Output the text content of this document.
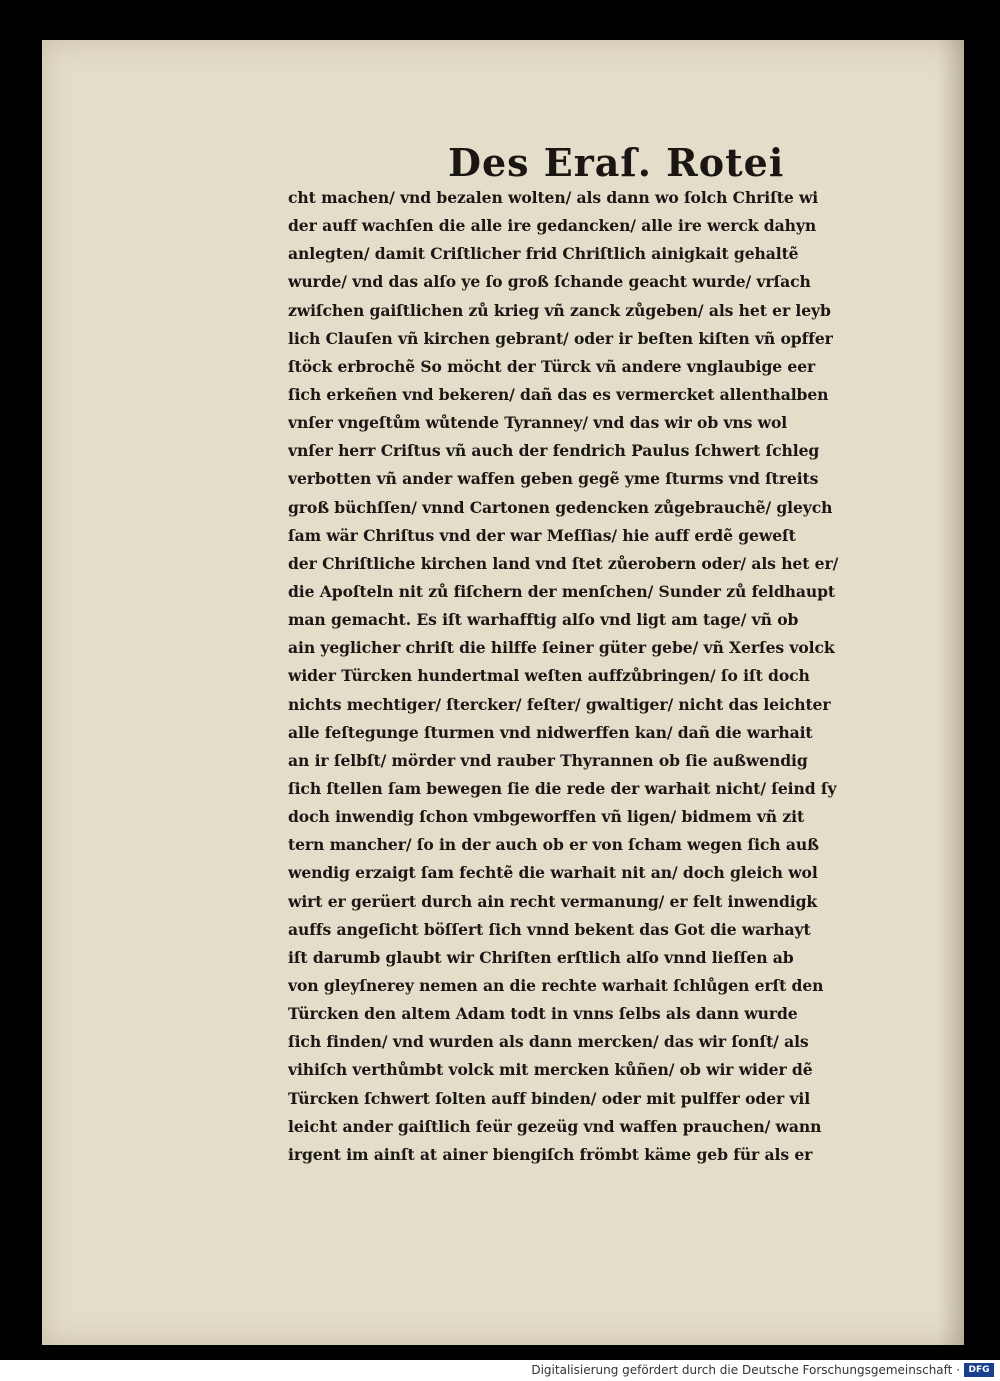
Des Eraſ. Rotei
cht machen/ vnd bezalen wolten/ als dann wo ſolch Chriſte wi
der auff wachſen die alle ire gedancken/ alle ire werck dahyn
anlegten/ damit Criſtlicher frid Chriſtlich ainigkait gehaltẽ
wurde/ vnd das alſo ye ſo groß ſchande geacht wurde/ vrſach
zwiſchen gaiſtlichen zů krieg vñ zanck zůgeben/ als het er leyb
lich Clauſen vñ kirchen gebrant/ oder ir beſten kiſten vñ opffer
ſtöck erbrochẽ So möcht der Türck vñ andere vnglaubige eer
ſich erkeñen vnd bekeren/ dañ das es vermercket allenthalben
vnſer vngeſtům wůtende Tyranney/ vnd das wir ob vns wol
vnſer herr Criſtus vñ auch der fendrich Paulus ſchwert ſchleg
verbotten vñ ander waffen geben gegẽ yme ſturms vnd ſtreits
groß büchſſen/ vnnd Cartonen gedencken zůgebrauchẽ/ gleych
ſam wär Chriſtus vnd der war Meſſias/ hie auff erdẽ geweſt
der Chriſtliche kirchen land vnd ſtet zůerobern oder/ als het er/
die Apoſteln nit zů fiſchern der menſchen/ Sunder zů feldhaupt
man gemacht. Es iſt warhafftig alſo vnd ligt am tage/ vñ ob
ain yeglicher chriſt die hilffe ſeiner güter gebe/ vñ Xerſes volck
wider Türcken hundertmal weſten auffzůbringen/ ſo iſt doch
nichts mechtiger/ ſtercker/ feſter/ gwaltiger/ nicht das leichter
alle feſtegunge ſturmen vnd nidwerffen kan/ dañ die warhait
an ir ſelbſt/ mörder vnd rauber Thyrannen ob ſie außwendig
ſich ſtellen ſam bewegen ſie die rede der warhait nicht/ ſeind ſy
doch inwendig ſchon vmbgeworffen vñ ligen/ bidmem vñ zit
tern mancher/ ſo in der auch ob er von ſcham wegen ſich auß
wendig erzaigt ſam fechtẽ die warhait nit an/ doch gleich wol
wirt er gerüert durch ain recht vermanung/ er felt inwendigk
auffs angeſicht böſſert ſich vnnd bekent das Got die warhayt
iſt darumb glaubt wir Chriſten erſtlich alſo vnnd lieſſen ab
von gleyſnerey nemen an die rechte warhait ſchlůgen erſt den
Türcken den altem Adam todt in vnns ſelbs als dann wurde
ſich finden/ vnd wurden als dann mercken/ das wir ſonſt/ als
vihiſch verthůmbt volck mit mercken kůñen/ ob wir wider dẽ
Türcken ſchwert ſolten auff binden/ oder mit pulffer oder vil
leicht ander gaiſtlich feür gezeüg vnd waffen prauchen/ wann
irgent im ainſt at ainer biengiſch frömbt käme geb für als er
Digitalisierung gefördert durch die Deutsche Forschungsgemeinschaft · DFG
